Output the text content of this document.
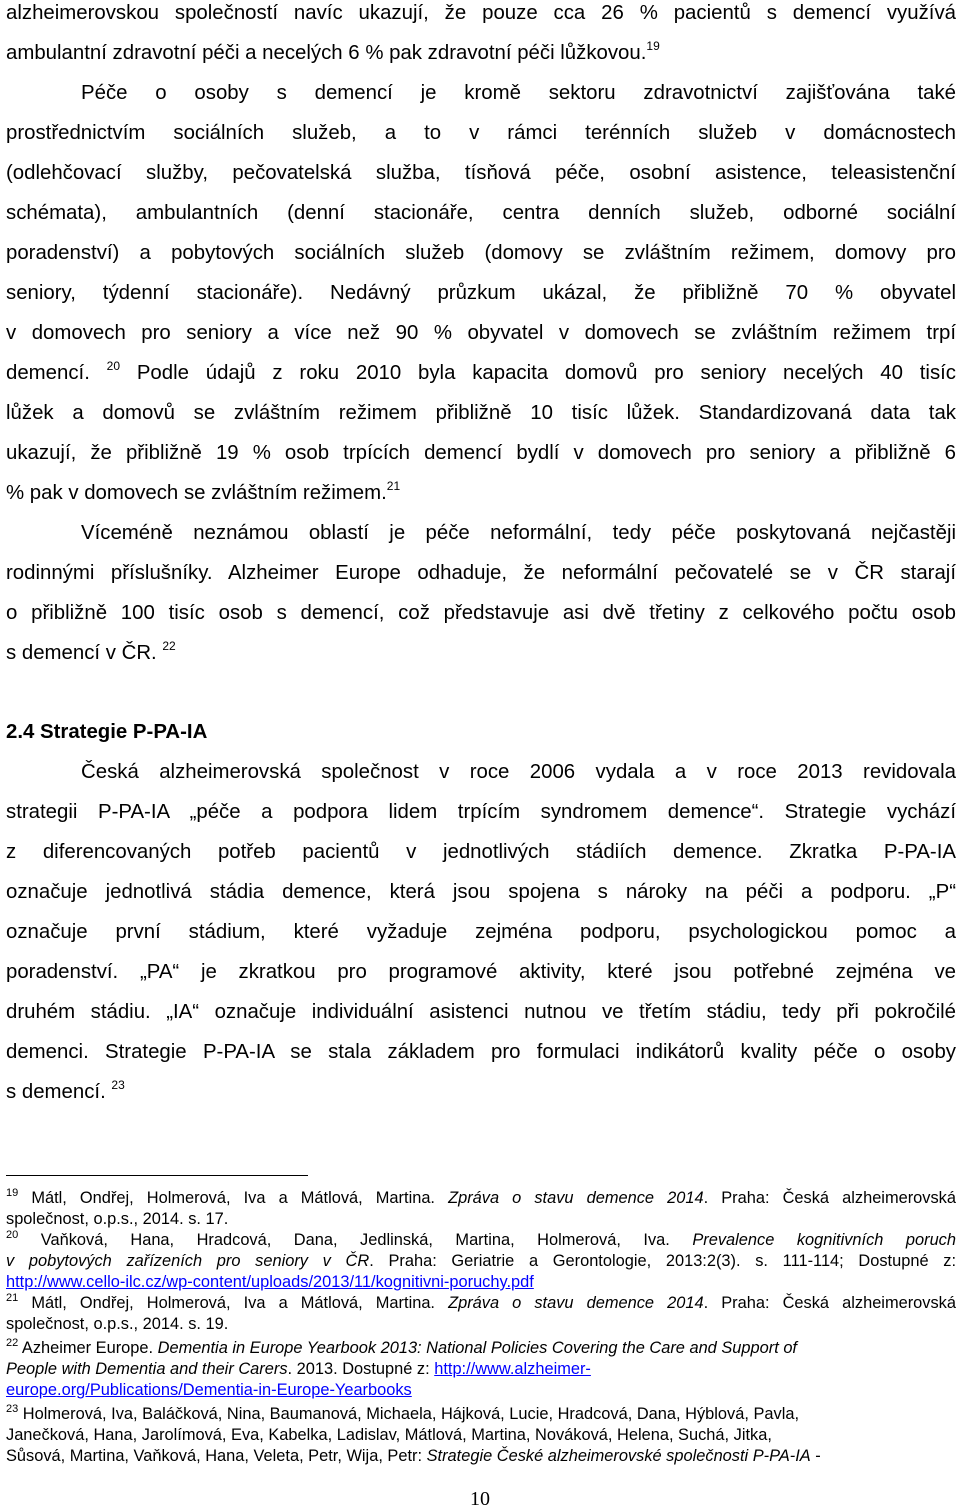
alzheimerovskou společností navíc ukazují, že pouze cca 26 % pacientů s demencí využívá
ambulantní zdravotní péči a necelých 6 % pak zdravotní péči lůžkovou.$^{19}$
Péče o osoby s demencí je kromě sektoru zdravotnictví zajišťována také
prostřednictvím sociálních služeb, a to v rámci terénních služeb v domácnostech
(odlehčovací služby, pečovatelská služba, tísňová péče, osobní asistence, teleasistenční
schémata), ambulantních (denní stacionáře, centra denních služeb, odborné sociální
poradenství) a pobytových sociálních služeb (domovy se zvláštním režimem, domovy pro
seniory, týdenní stacionáře). Nedávný průzkum ukázal, že přibližně 70 % obyvatel
v domovech pro seniory a více než 90 % obyvatel v domovech se zvláštním režimem trpí
demencí. $^{20}$ Podle údajů z roku 2010 byla kapacita domovů pro seniory necelých 40 tisíc
lůžek a domovů se zvláštním režimem přibližně 10 tisíc lůžek. Standardizovaná data tak
ukazují, že přibližně 19 % osob trpících demencí bydlí v domovech pro seniory a přibližně 6
% pak v domovech se zvláštním režimem.$^{21}$
Víceméně neznámou oblastí je péče neformální, tedy péče poskytovaná nejčastěji
rodinnými příslušníky. Alzheimer Europe odhaduje, že neformální pečovatelé se v ČR starají
o přibližně 100 tisíc osob s demencí, což představuje asi dvě třetiny z celkového počtu osob
s demencí v ČR. $^{22}$
2.4 Strategie P-PA-IA
Česká alzheimerovská společnost v roce 2006 vydala a v roce 2013 revidovala
strategii P-PA-IA „péče a podpora lidem trpícím syndromem demence“. Strategie vychází
z diferencovaných potřeb pacientů v jednotlivých stádiích demence. Zkratka P-PA-IA
označuje jednotlivá stádia demence, která jsou spojena s nároky na péči a podporu. „P“
označuje první stádium, které vyžaduje zejména podporu, psychologickou pomoc a
poradenství. „PA“ je zkratkou pro programové aktivity, které jsou potřebné zejména ve
druhém stádiu. „IA“ označuje individuální asistenci nutnou ve třetím stádiu, tedy při pokročilé
demenci. Strategie P-PA-IA se stala základem pro formulaci indikátorů kvality péče o osoby
s demencí. $^{23}$
$^{19}$ Mátl, Ondřej, Holmerová, Iva a Mátlová, Martina. Zpráva o stavu demence 2014. Praha: Česká alzheimerovská
společnost, o.p.s., 2014. s. 17.
$^{20}$ Vaňková, Hana, Hradcová, Dana, Jedlinská, Martina, Holmerová, Iva. Prevalence kognitivních poruch
v pobytových zařízeních pro seniory v ČR. Praha: Geriatrie a Gerontologie, 2013:2(3). s. 111-114; Dostupné z:
http://www.cello-ilc.cz/wp-content/uploads/2013/11/kognitivni-poruchy.pdf
$^{21}$ Mátl, Ondřej, Holmerová, Iva a Mátlová, Martina. Zpráva o stavu demence 2014. Praha: Česká alzheimerovská
společnost, o.p.s., 2014. s. 19.
$^{22}$ Azheimer Europe. Dementia in Europe Yearbook 2013: National Policies Covering the Care and Support of
People with Dementia and their Carers. 2013. Dostupné z: http://www.alzheimer-
europe.org/Publications/Dementia-in-Europe-Yearbooks
$^{23}$ Holmerová, Iva, Baláčková, Nina, Baumanová, Michaela, Hájková, Lucie, Hradcová, Dana, Hýblová, Pavla,
Janečková, Hana, Jarolímová, Eva, Kabelka, Ladislav, Mátlová, Martina, Nováková, Helena, Suchá, Jitka,
Sůsová, Martina, Vaňková, Hana, Veleta, Petr, Wija, Petr: Strategie České alzheimerovské společnosti P-PA-IA -
10
